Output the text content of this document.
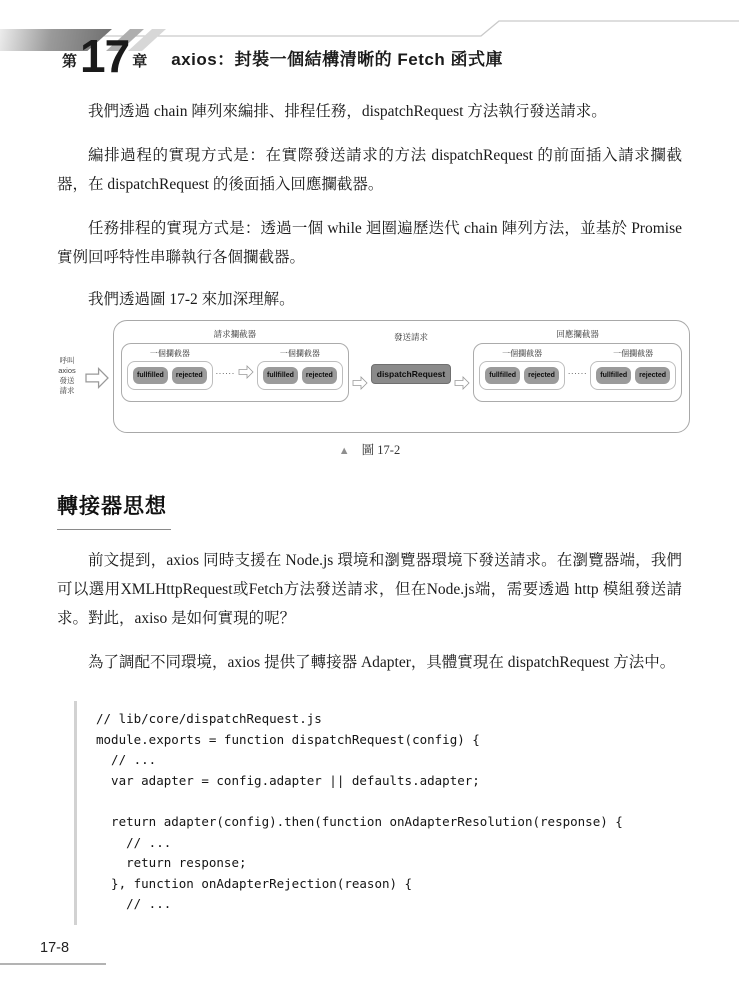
第 17 章 axios：封裝一個結構清晰的 Fetch 函式庫

我們透過 chain 陣列來編排、排程任務，dispatchRequest 方法執行發送請求。

編排過程的實現方式是：在實際發送請求的方法 dispatchRequest 的前面插入請求攔截器，在 dispatchRequest 的後面插入回應攔截器。

任務排程的實現方式是：透過一個 while 迴圈遍歷迭代 chain 陣列方法，並基於 Promise 實例回呼特性串聯執行各個攔截器。

我們透過圖 17-2 來加深理解。

呼叫
axios
發送
請求
請求攔截器
一個攔截器
fullfilled	rejected	......
一個攔截器
fullfilled	rejected
發送請求
dispatchRequest
回應攔截器
一個攔截器
fullfilled	rejected	......
一個攔截器
fullfilled	rejected
▲ 圖 17-2
轉接器思想

前文提到，axios 同時支援在 Node.js 環境和瀏覽器環境下發送請求。在瀏覽器端，我們可以選用XMLHttpRequest或Fetch方法發送請求，但在Node.js端，需要透過 http 模組發送請求。對此，axiso 是如何實現的呢？

為了調配不同環境，axios 提供了轉接器 Adapter，具體實現在 dispatchRequest 方法中。

// lib/core/dispatchRequest.js
module.exports = function dispatchRequest(config) {
// ...
var adapter = config.adapter || defaults.adapter;
return adapter(config).then(function onAdapterResolution(response) {
// ...
return response;
}, function onAdapterRejection(reason) {
// ...
17-8
